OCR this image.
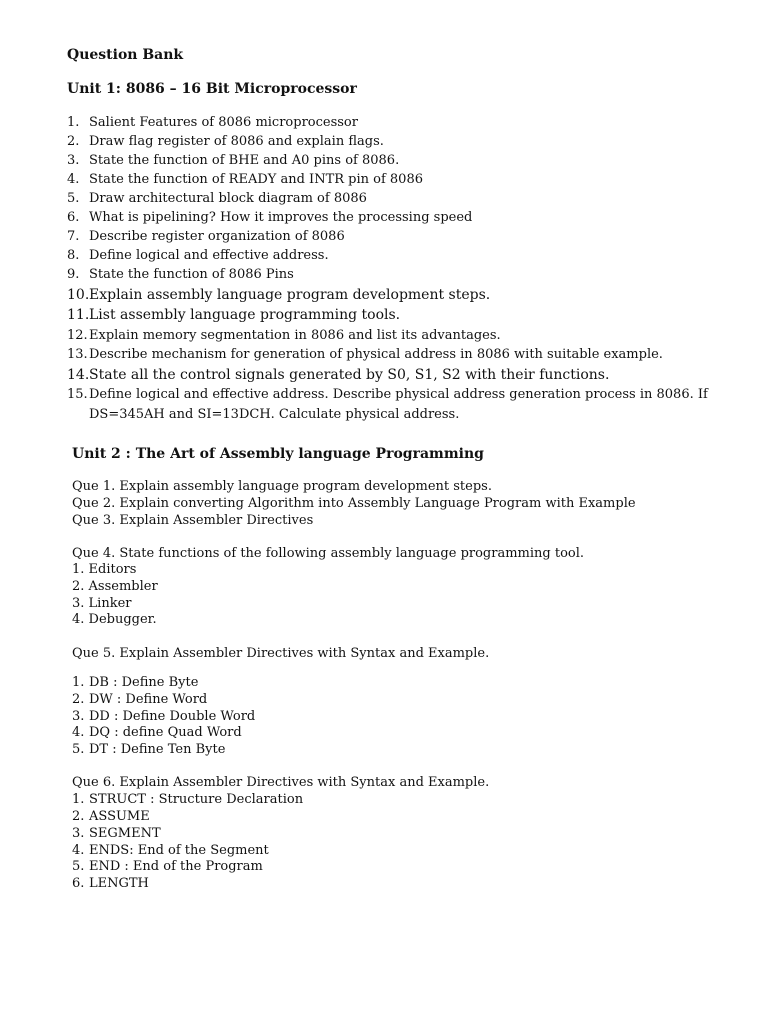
Question Bank
Unit 1: 8086 – 16 Bit Microprocessor
1. Salient Features of 8086 microprocessor
2. Draw flag register of 8086 and explain flags.
3. State the function of BHE and A0 pins of 8086.
4. State the function of READY and INTR pin of 8086
5. Draw architectural block diagram of 8086
6. What is pipelining? How it improves the processing speed
7. Describe register organization of 8086
8. Define logical and effective address.
9. State the function of 8086 Pins
10. Explain assembly language program development steps.
11. List assembly language programming tools.
12. Explain memory segmentation in 8086 and list its advantages.
13. Describe mechanism for generation of physical address in 8086 with suitable example.
14. State all the control signals generated by S0, S1, S2 with their functions.
15. Define logical and effective address. Describe physical address generation process in 8086. If
DS=345AH and SI=13DCH. Calculate physical address.
Unit 2 : The Art of Assembly language Programming
Que 1. Explain assembly language program development steps.
Que 2. Explain converting Algorithm into Assembly Language Program with Example
Que 3. Explain Assembler Directives
Que 4. State functions of the following assembly language programming tool.
1. Editors
2. Assembler
3. Linker
4. Debugger.
Que 5. Explain Assembler Directives with Syntax and Example.
1. DB : Define Byte
2. DW : Define Word
3. DD : Define Double Word
4. DQ : define Quad Word
5. DT : Define Ten Byte
Que 6. Explain Assembler Directives with Syntax and Example.
1. STRUCT : Structure Declaration
2. ASSUME
3. SEGMENT
4. ENDS: End of the Segment
5. END : End of the Program
6. LENGTH
